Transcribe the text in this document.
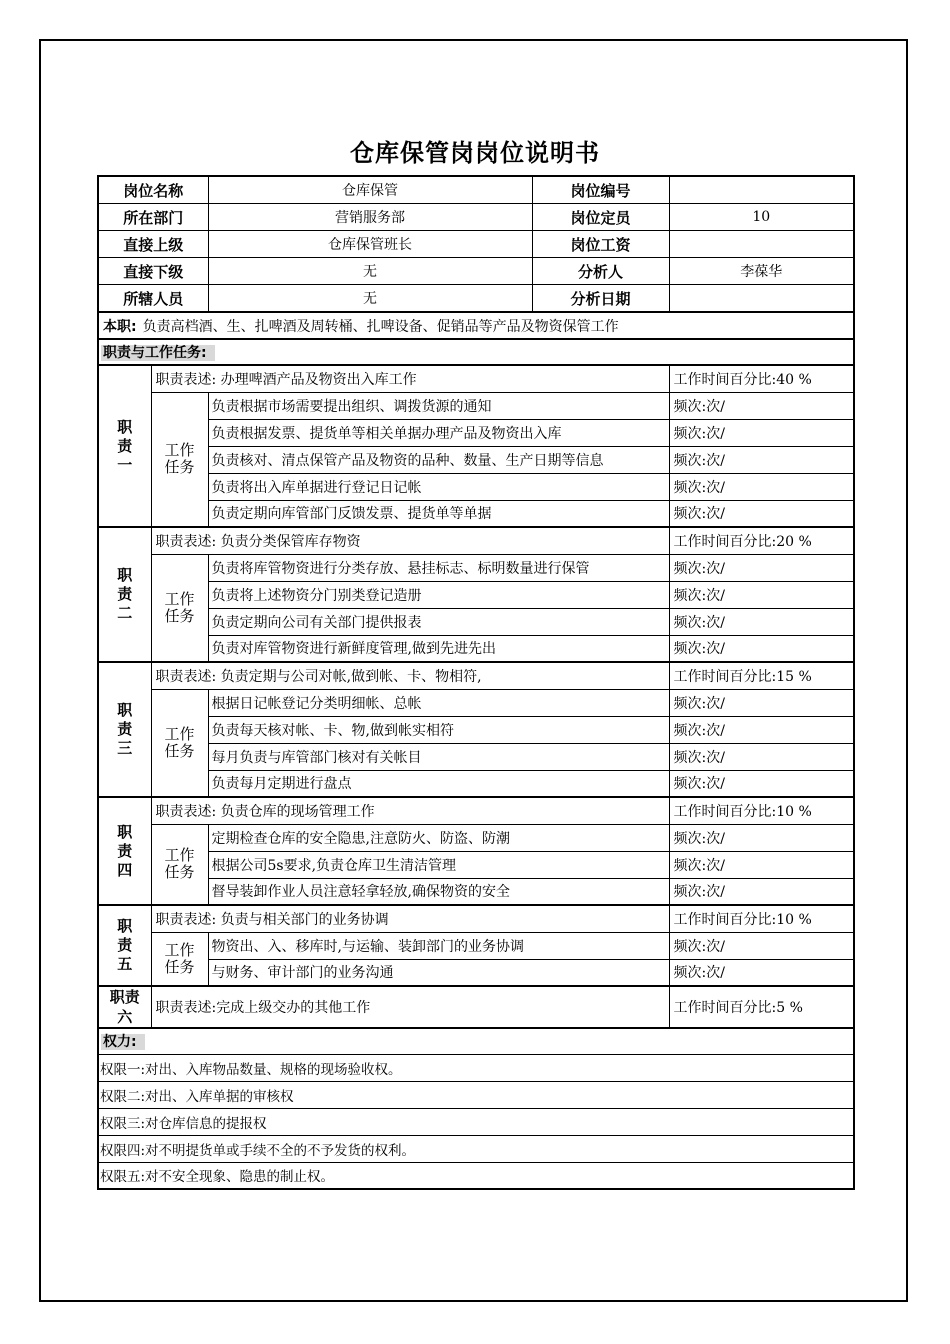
仓库保管岗岗位说明书
岗位名称		仓库保管 岗位编号	

所在部门		营销服务部 岗位定员	10
直接上级		仓库保管班长 岗位工资	

直接下级		无 分析人	李葆华
所辖人员		无 分析日期	

本职: 负责高档酒、生、扎啤酒及周转桶、扎啤设备、促销品等产品及物资保管工作			
职责与工作任务:			
职责一	职责表述: 办理啤酒产品及物资出入库工作		工作时间百分比:40 %
	工作任务	负责根据市场需要提出组织、调拨货源的通知	频次:次/
		负责根据发票、提货单等相关单据办理产品及物资出入库	频次:次/
		负责核对、清点保管产品及物资的品种、数量、生产日期等信息	频次:次/
		负责将出入库单据进行登记日记帐	频次:次/
		负责定期向库管部门反馈发票、提货单等单据	频次:次/
职责二	职责表述: 负责分类保管库存物资		工作时间百分比:20 %
	工作任务	负责将库管物资进行分类存放、悬挂标志、标明数量进行保管	频次:次/
		负责将上述物资分门别类登记造册	频次:次/
		负责定期向公司有关部门提供报表	频次:次/
		负责对库管物资进行新鲜度管理,做到先进先出	频次:次/
职责三	职责表述: 负责定期与公司对帐,做到帐、卡、物相符,		工作时间百分比:15 %
	工作任务	根据日记帐登记分类明细帐、总帐	频次:次/
		负责每天核对帐、卡、物,做到帐实相符	频次:次/
		每月负责与库管部门核对有关帐目	频次:次/
		负责每月定期进行盘点	频次:次/
职责四	职责表述: 负责仓库的现场管理工作		工作时间百分比:10 %
	工作任务	定期检查仓库的安全隐患,注意防火、防盗、防潮	频次:次/
		根据公司5s要求,负责仓库卫生清洁管理	频次:次/
		督导装卸作业人员注意轻拿轻放,确保物资的安全	频次:次/
职责五	职责表述: 负责与相关部门的业务协调		工作时间百分比:10 %
	工作任务	物资出、入、移库时,与运输、装卸部门的业务协调	频次:次/
		与财务、审计部门的业务沟通	频次:次/
职责六	职责表述:完成上级交办的其他工作		工作时间百分比:5 %
权力:			
权限一:对出、入库物品数量、规格的现场验收权。			
权限二:对出、入库单据的审核权			
权限三:对仓库信息的提报权			
权限四:对不明提货单或手续不全的不予发货的权利。			
权限五:对不安全现象、隐患的制止权。			
